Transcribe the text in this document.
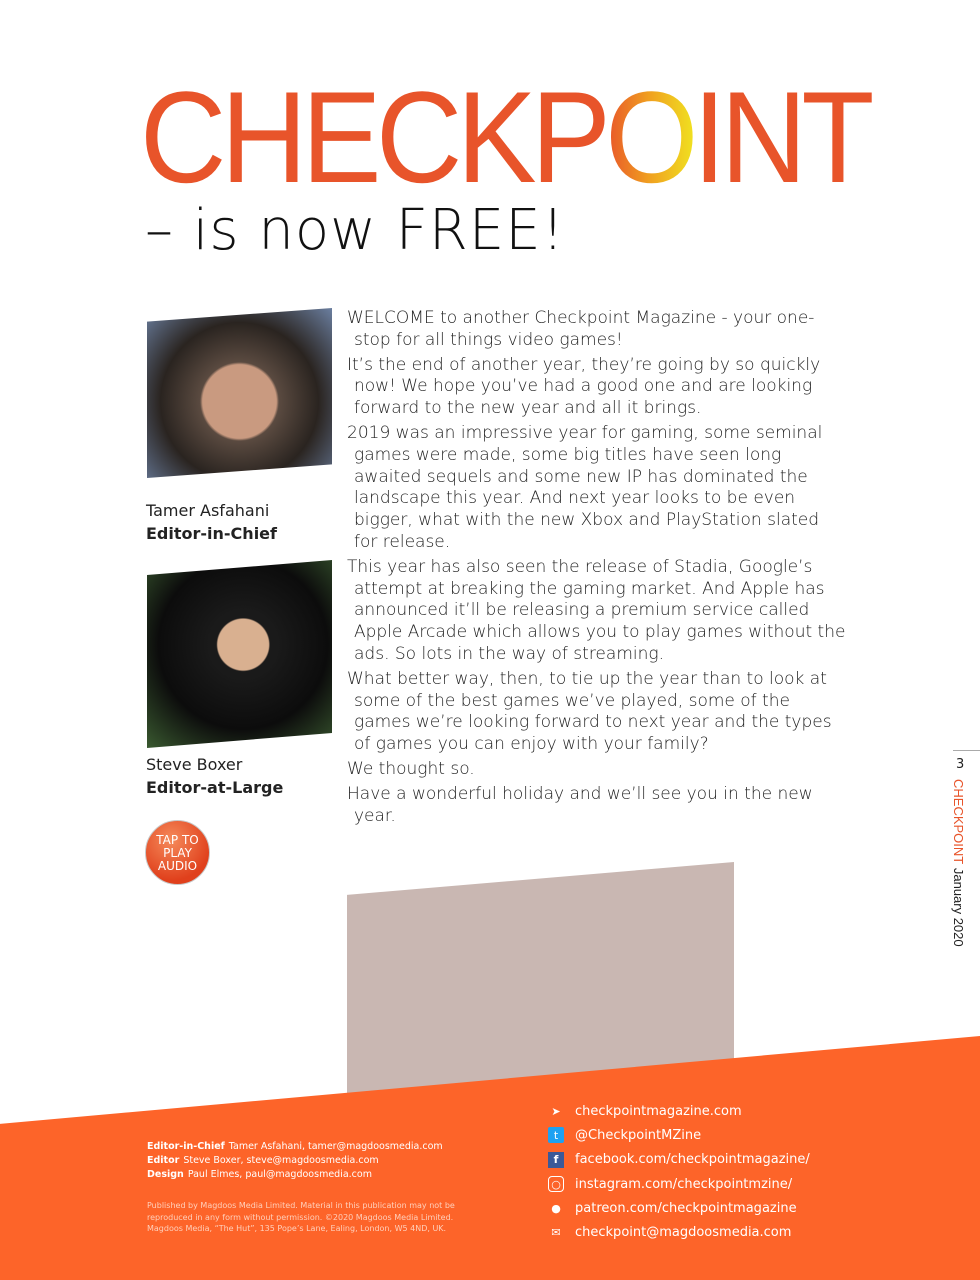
CHECKPOINT
– is now FREE!
Tamer Asfahani
Editor-in-Chief
Steve Boxer
Editor-at-Large
TAP TO PLAY AUDIO

WELCOME to another Checkpoint Magazine - your one-stop for all things video games!

It’s the end of another year, they’re going by so quickly now! We hope you’ve had a good one and are looking forward to the new year and all it brings.

2019 was an impressive year for gaming, some seminal games were made, some big titles have seen long awaited sequels and some new IP has dominated the landscape this year. And next year looks to be even bigger, what with the new Xbox and PlayStation slated for release.

This year has also seen the release of Stadia, Google’s attempt at breaking the gaming market. And Apple has announced it’ll be releasing a premium service called Apple Arcade which allows you to play games without the ads. So lots in the way of streaming.

What better way, then, to tie up the year than to look at some of the best games we’ve played, some of the games we’re looking forward to next year and the types of games you can enjoy with your family?

We thought so.

Have a wonderful holiday and we’ll see you in the new year.

3
CHECKPOINT January 2020
Editor-in-Chief Tamer Asfahani, tamer@magdoosmedia.com
Editor Steve Boxer, steve@magdoosmedia.com
Design Paul Elmes, paul@magdoosmedia.com
Published by Magdoos Media Limited. Material in this publication may not be reproduced in any form without permission. ©2020 Magdoos Media Limited. Magdoos Media, “The Hut”, 135 Pope’s Lane, Ealing, London, W5 4ND, UK.
➤ checkpointmagazine.com
t	@CheckpointMZine
f	facebook.com/checkpointmagazine/
○ instagram.com/checkpointmzine/
● patreon.com/checkpointmagazine
✉ checkpoint@magdoosmedia.com
